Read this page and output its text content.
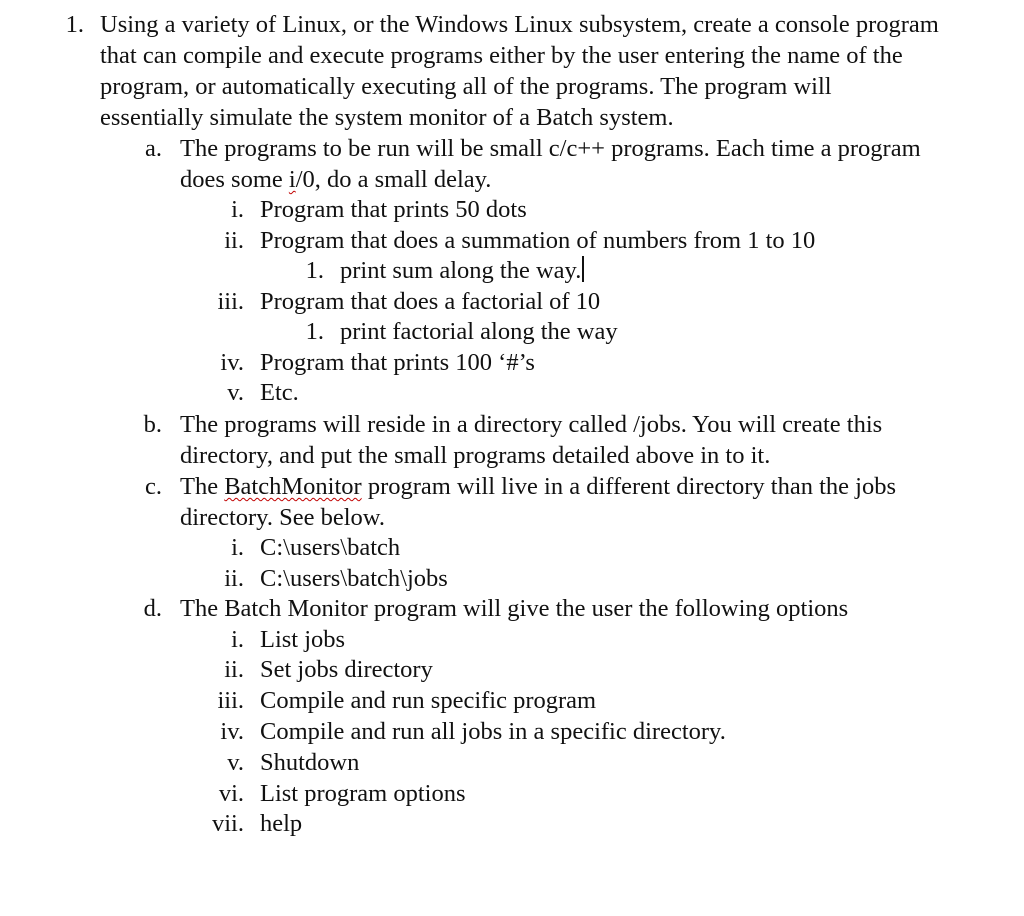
1. Using a variety of Linux, or the Windows Linux subsystem, create a console program
that can compile and execute programs either by the user entering the name of the
program, or automatically executing all of the programs. The program will
essentially simulate the system monitor of a Batch system.
a. The programs to be run will be small c/c++ programs. Each time a program
does some i/0, do a small delay.
i. Program that prints 50 dots
ii. Program that does a summation of numbers from 1 to 10
1. print sum along the way.
iii. Program that does a factorial of 10
1. print factorial along the way
iv. Program that prints 100 ‘#’s
v. Etc.
b. The programs will reside in a directory called /jobs. You will create this
directory, and put the small programs detailed above in to it.
c. The BatchMonitor program will live in a different directory than the jobs
directory. See below.
i. C:\users\batch
ii. C:\users\batch\jobs
d. The Batch Monitor program will give the user the following options
i. List jobs
ii. Set jobs directory
iii. Compile and run specific program
iv. Compile and run all jobs in a specific directory.
v. Shutdown
vi. List program options
vii. help
